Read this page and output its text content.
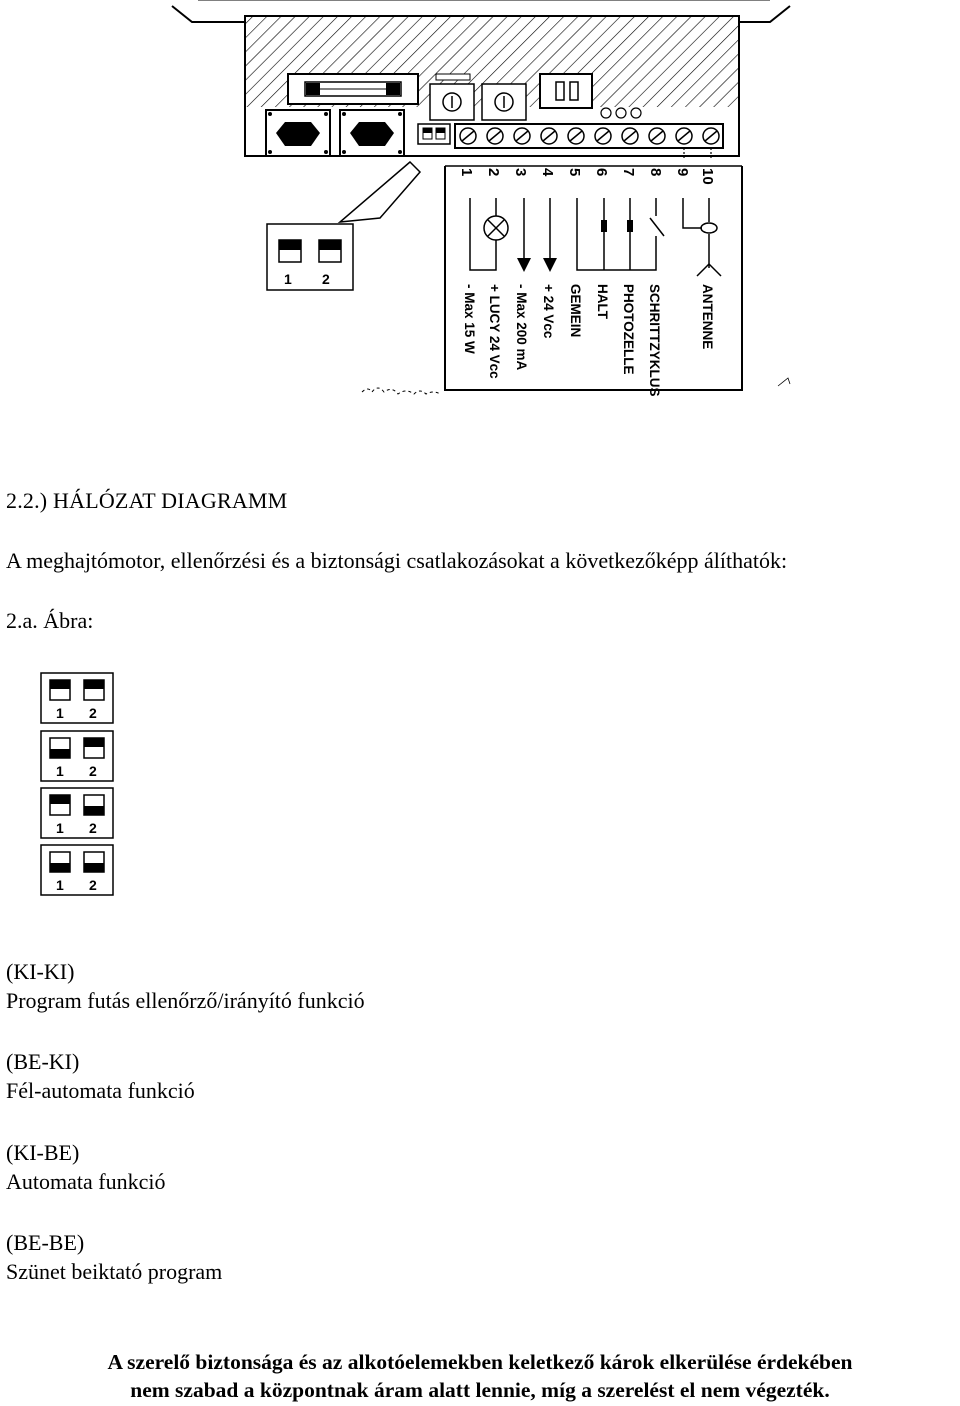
1 2
1 2 3 4 5 6 7 8 9 10
- Max 15 W + LUCY 24 Vcc - Max 200 mA + 24 Vcc GEMEIN HALT PHOTOZELLE SCHRITTZYKLUS	ANTENNE
2.2.) HÁLÓZAT DIAGRAMM
A meghajtómotor, ellenőrzési és a biztonsági csatlakozásokat a következőképp álíthatók:
2.a. Ábra:
1 2
1 2
1 2
1 2
(KI-KI)
Program futás ellenőrző/irányító funkció
(BE-KI)
Fél-automata funkció
(KI-BE)
Automata funkció
(BE-BE)
Szünet beiktató program
A szerelő biztonsága és az alkotóelemekben keletkező károk elkerülése érdekében
nem szabad a központnak áram alatt lennie, míg a szerelést el nem végezték.
